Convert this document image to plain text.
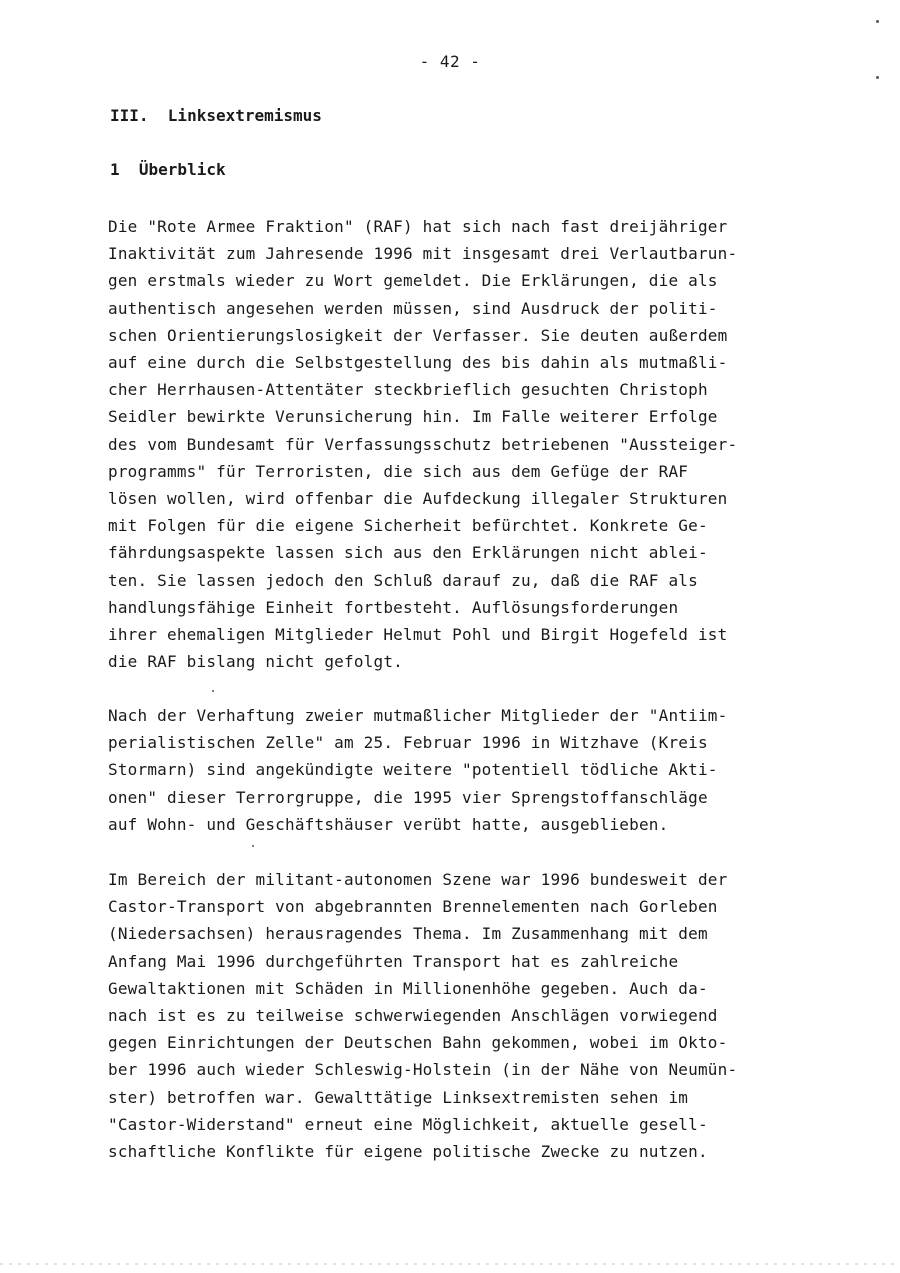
- 42 -
III.  Linksextremismus
1  Überblick
Die "Rote Armee Fraktion" (RAF) hat sich nach fast dreijähriger
Inaktivität zum Jahresende 1996 mit insgesamt drei Verlautbarun-
gen erstmals wieder zu Wort gemeldet. Die Erklärungen, die als
authentisch angesehen werden müssen, sind Ausdruck der politi-
schen Orientierungslosigkeit der Verfasser. Sie deuten außerdem
auf eine durch die Selbstgestellung des bis dahin als mutmaßli-
cher Herrhausen-Attentäter steckbrieflich gesuchten Christoph
Seidler bewirkte Verunsicherung hin. Im Falle weiterer Erfolge
des vom Bundesamt für Verfassungsschutz betriebenen "Aussteiger-
programms" für Terroristen, die sich aus dem Gefüge der RAF
lösen wollen, wird offenbar die Aufdeckung illegaler Strukturen
mit Folgen für die eigene Sicherheit befürchtet. Konkrete Ge-
fährdungsaspekte lassen sich aus den Erklärungen nicht ablei-
ten. Sie lassen jedoch den Schluß darauf zu, daß die RAF als
handlungsfähige Einheit fortbesteht. Auflösungsforderungen
ihrer ehemaligen Mitglieder Helmut Pohl und Birgit Hogefeld ist
die RAF bislang nicht gefolgt.
Nach der Verhaftung zweier mutmaßlicher Mitglieder der "Antiim-
perialistischen Zelle" am 25. Februar 1996 in Witzhave (Kreis
Stormarn) sind angekündigte weitere "potentiell tödliche Akti-
onen" dieser Terrorgruppe, die 1995 vier Sprengstoffanschläge
auf Wohn- und Geschäftshäuser verübt hatte, ausgeblieben.
Im Bereich der militant-autonomen Szene war 1996 bundesweit der
Castor-Transport von abgebrannten Brennelementen nach Gorleben
(Niedersachsen) herausragendes Thema. Im Zusammenhang mit dem
Anfang Mai 1996 durchgeführten Transport hat es zahlreiche
Gewaltaktionen mit Schäden in Millionenhöhe gegeben. Auch da-
nach ist es zu teilweise schwerwiegenden Anschlägen vorwiegend
gegen Einrichtungen der Deutschen Bahn gekommen, wobei im Okto-
ber 1996 auch wieder Schleswig-Holstein (in der Nähe von Neumün-
ster) betroffen war. Gewalttätige Linksextremisten sehen im
"Castor-Widerstand" erneut eine Möglichkeit, aktuelle gesell-
schaftliche Konflikte für eigene politische Zwecke zu nutzen.
